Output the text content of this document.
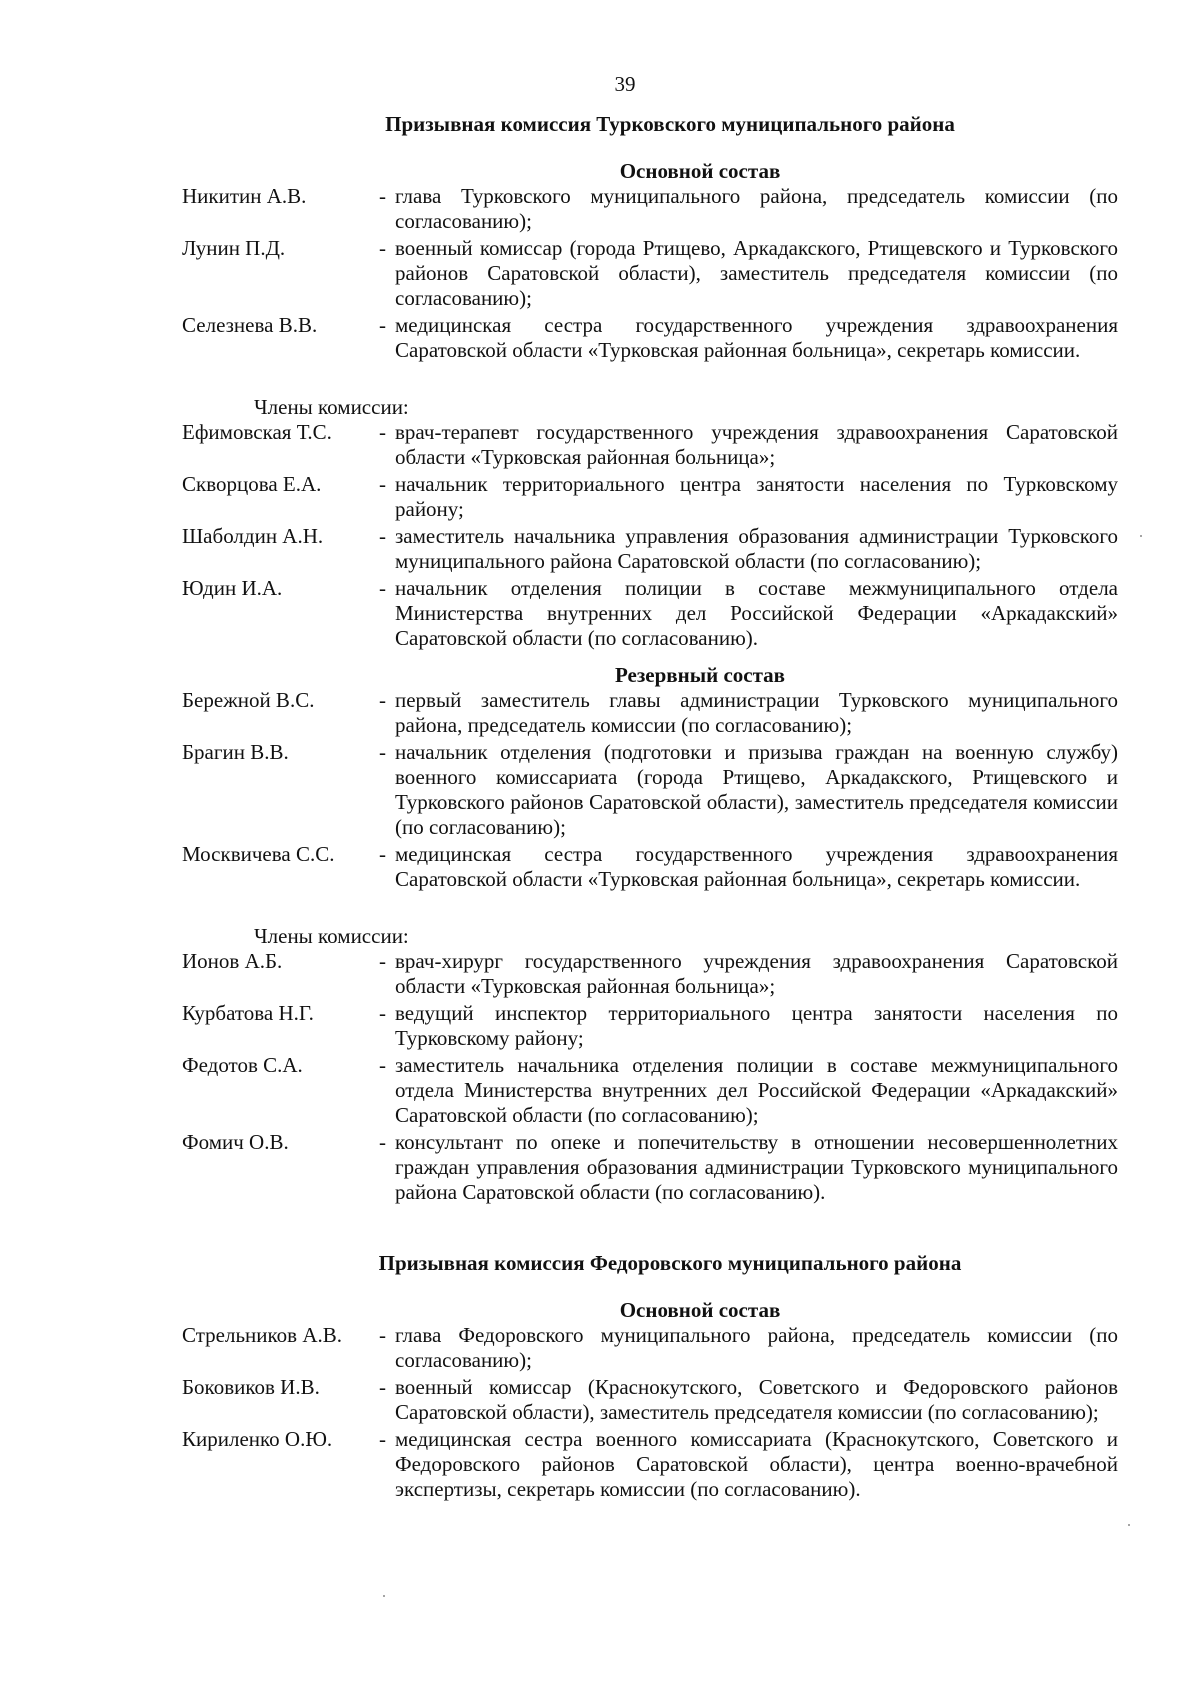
39
Призывная комиссия Турковского муниципального района
Основной состав
Никитин А.В.	- глава Турковского муниципального района, председатель комиссии (по согласованию);
Лунин П.Д.	- военный комиссар (города Ртищево, Аркадакского, Ртищевского и Турковского районов Саратовской области), заместитель председателя комиссии (по согласованию);
Селезнева В.В.	- медицинская сестра государственного учреждения здравоохранения Саратовской области «Турковская районная больница», секретарь комиссии.
Члены комиссии:
Ефимовская Т.С.	- врач-терапевт государственного учреждения здравоохранения Саратовской области «Турковская районная больница»;
Скворцова Е.А.	- начальник территориального центра занятости населения по Турковскому району;
Шаболдин А.Н.	- заместитель начальника управления образования администрации Турковского муниципального района Саратовской области (по согласованию);
Юдин И.А.	- начальник отделения полиции в составе межмуниципального отдела Министерства внутренних дел Российской Федерации «Аркадакский» Саратовской области (по согласованию).
Резервный состав
Бережной В.С.	- первый заместитель главы администрации Турковского муниципального района, председатель комиссии (по согласованию);
Брагин В.В.	- начальник отделения (подготовки и призыва граждан на военную службу) военного комиссариата (города Ртищево, Аркадакского, Ртищевского и Турковского районов Саратовской области), заместитель председателя комиссии (по согласованию);
Москвичева С.С.	- медицинская сестра государственного учреждения здравоохранения Саратовской области «Турковская районная больница», секретарь комиссии.
Члены комиссии:
Ионов А.Б.	- врач-хирург государственного учреждения здравоохранения Саратовской области «Турковская районная больница»;
Курбатова Н.Г.	- ведущий инспектор территориального центра занятости населения по Турковскому району;
Федотов С.А.	- заместитель начальника отделения полиции в составе межмуниципального отдела Министерства внутренних дел Российской Федерации «Аркадакский» Саратовской области (по согласованию);
Фомич О.В.	- консультант по опеке и попечительству в отношении несовершеннолетних граждан управления образования администрации Турковского муниципального района Саратовской области (по согласованию).
Призывная комиссия Федоровского муниципального района
Основной состав
Стрельников А.В.	- глава Федоровского муниципального района, председатель комиссии (по согласованию);
Боковиков И.В.	- военный комиссар (Краснокутского, Советского и Федоровского районов Саратовской области), заместитель председателя комиссии (по согласованию);
Кириленко О.Ю.	- медицинская сестра военного комиссариата (Краснокутского, Советского и Федоровского районов Саратовской области), центра военно-врачебной экспертизы, секретарь комиссии (по согласованию).
